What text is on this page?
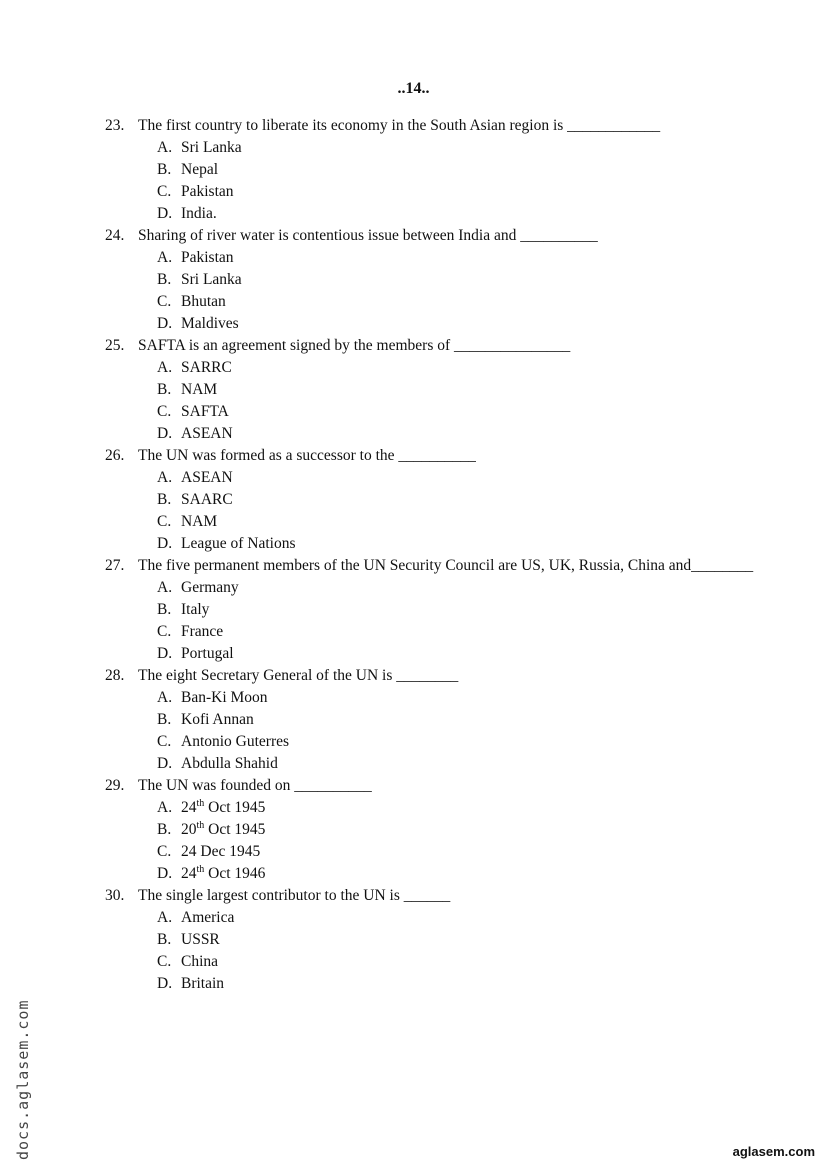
..14..
23. The first country to liberate its economy in the South Asian region is ____________
A. Sri Lanka
B. Nepal
C. Pakistan
D. India.
24. Sharing of river water is contentious issue between India and __________
A. Pakistan
B. Sri Lanka
C. Bhutan
D. Maldives
25. SAFTA is an agreement signed by the members of _______________
A. SARRC
B. NAM
C. SAFTA
D. ASEAN
26. The UN was formed as a successor to the __________
A. ASEAN
B. SAARC
C. NAM
D. League of Nations
27. The five permanent members of the UN Security Council are US, UK, Russia, China and________
A. Germany
B. Italy
C. France
D. Portugal
28. The eight Secretary General of the UN is ________
A. Ban-Ki Moon
B. Kofi Annan
C. Antonio Guterres
D. Abdulla Shahid
29. The UN was founded on __________
A. 24th Oct 1945
B. 20th Oct 1945
C. 24 Dec 1945
D. 24th Oct 1946
30. The single largest contributor to the UN is ______
A. America
B. USSR
C. China
D. Britain
docs.aglasem.com	aglasem.com
